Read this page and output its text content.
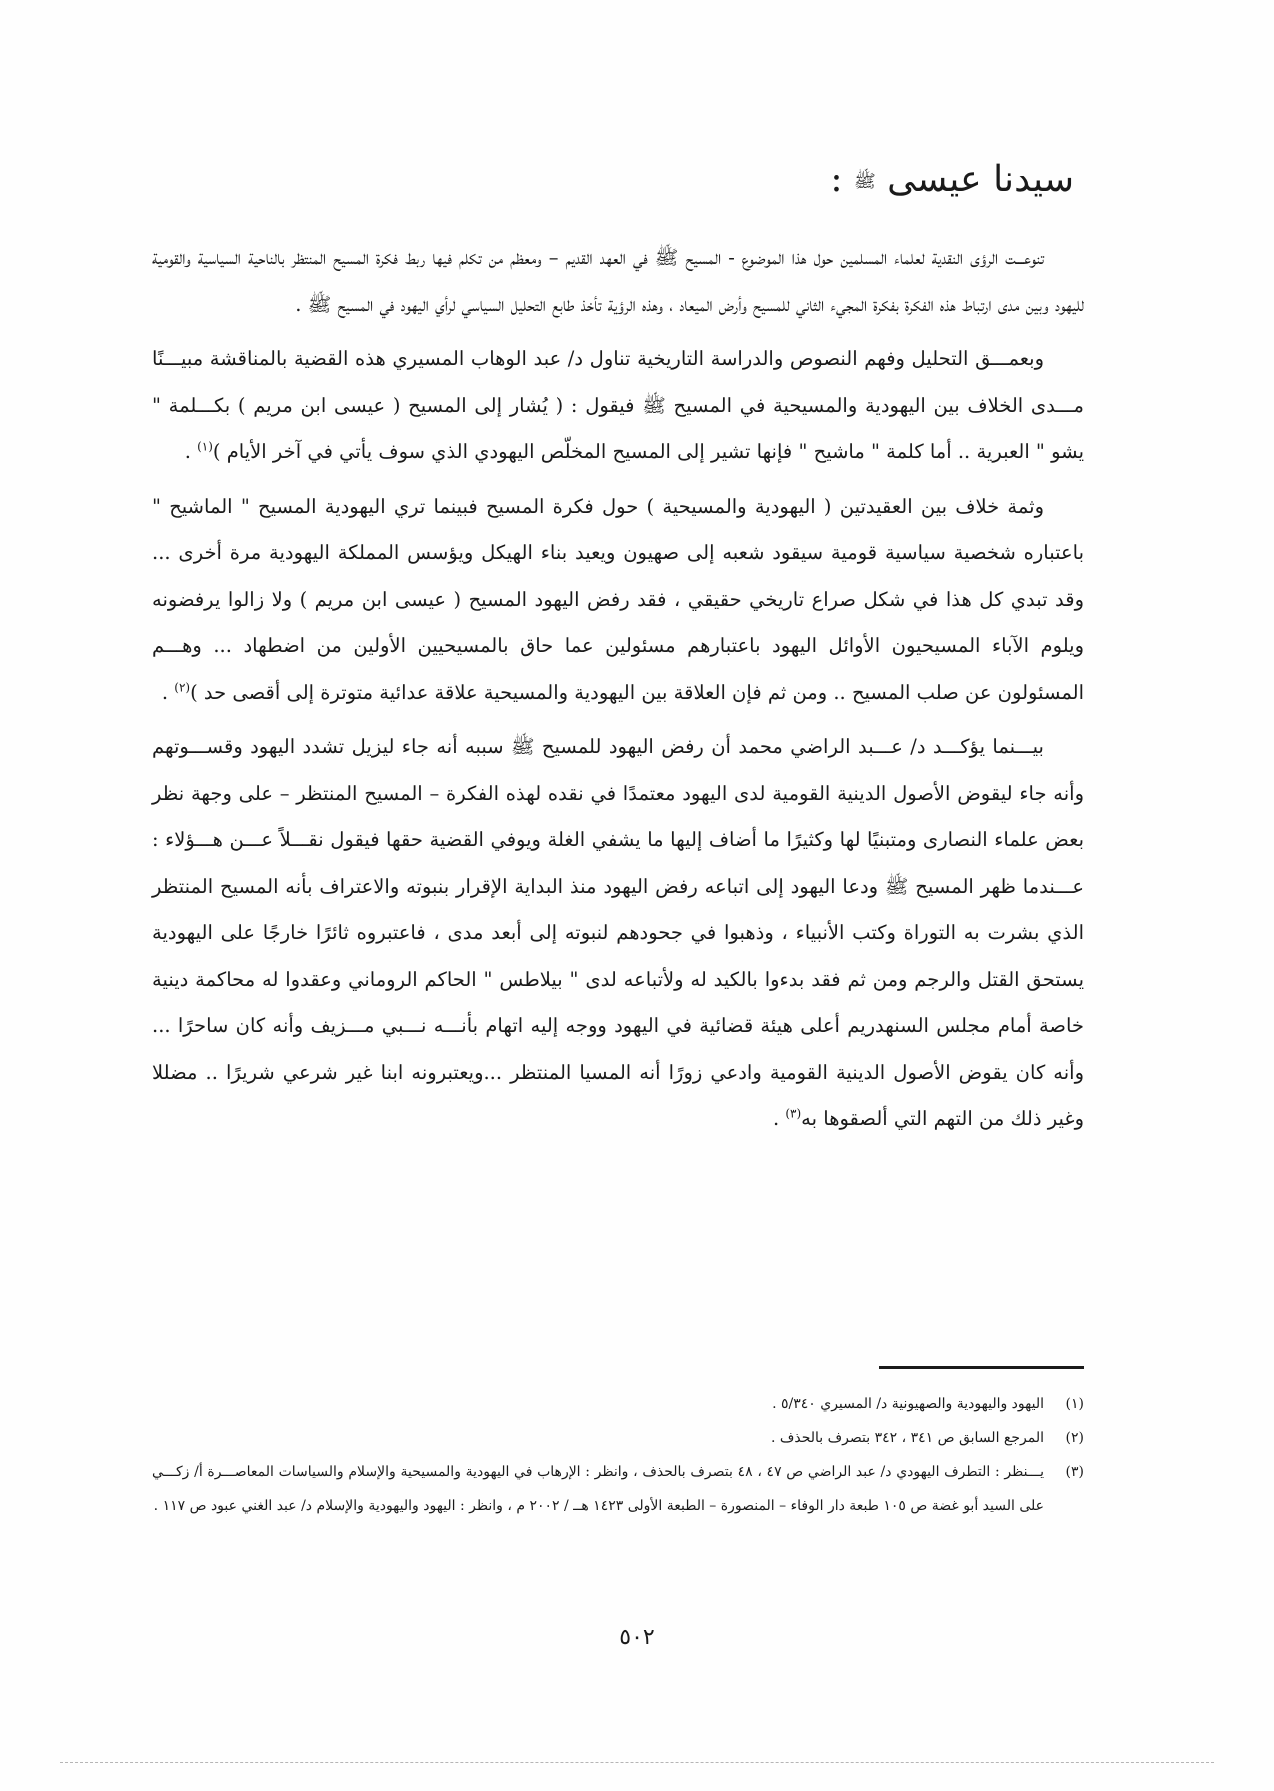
سيدنا عيسى ﷺ :

تنوعـــت الرؤى النقدية لعلماء المسلمين حول هذا الموضوع - المسيح ﷺ في العهد القديم – ومعظم من تكلم فيها ربط فكرة المسيح المنتظر بالناحية السياسية والقومية لليهود وبين مدى ارتباط هذه الفكرة بفكرة المجيء الثاني للمسيح وأرض الميعاد ، وهذه الرؤية تأخذ طابع التحليل السياسي لرأي اليهود في المسيح ﷺ .

وبعمـــق التحليل وفهم النصوص والدراسة التاريخية تناول د/ عبد الوهاب المسيري هذه القضية بالمناقشة مبيـــنًا مـــدى الخلاف بين اليهودية والمسيحية في المسيح ﷺ فيقول : ( يُشار إلى المسيح ( عيسى ابن مريم ) بكـــلمة " يشو " العبرية .. أما كلمة " ماشيح " فإنها تشير إلى المسيح المخلّص اليهودي الذي سوف يأتي في آخر الأيام )$^{(١)}$ .

وثمة خلاف بين العقيدتين ( اليهودية والمسيحية ) حول فكرة المسيح فبينما تري اليهودية المسيح " الماشيح " باعتباره شخصية سياسية قومية سيقود شعبه إلى صهيون ويعيد بناء الهيكل ويؤسس المملكة اليهودية مرة أخرى ... وقد تبدي كل هذا في شكل صراع تاريخي حقيقي ، فقد رفض اليهود المسيح ( عيسى ابن مريم ) ولا زالوا يرفضونه ويلوم الآباء المسيحيون الأوائل اليهود باعتبارهم مسئولين عما حاق بالمسيحيين الأولين من اضطهاد ... وهـــم المسئولون عن صلب المسيح .. ومن ثم فإن العلاقة بين اليهودية والمسيحية علاقة عدائية متوترة إلى أقصى حد )$^{(٢)}$ .

بيـــنما يؤكـــد د/ عـــبد الراضي محمد أن رفض اليهود للمسيح ﷺ سببه أنه جاء ليزيل تشدد اليهود وقســـوتهم وأنه جاء ليقوض الأصول الدينية القومية لدى اليهود معتمدًا في نقده لهذه الفكرة – المسيح المنتظر – على وجهة نظر بعض علماء النصارى ومتبنيًا لها وكثيرًا ما أضاف إليها ما يشفي الغلة ويوفي القضية حقها فيقول نقـــلاً عـــن هـــؤلاء : عـــندما ظهر المسيح ﷺ ودعا اليهود إلى اتباعه رفض اليهود منذ البداية الإقرار بنبوته والاعتراف بأنه المسيح المنتظر الذي بشرت به التوراة وكتب الأنبياء ، وذهبوا في جحودهم لنبوته إلى أبعد مدى ، فاعتبروه ثائرًا خارجًا على اليهودية يستحق القتل والرجم ومن ثم فقد بدءوا بالكيد له ولأتباعه لدى " بيلاطس " الحاكم الروماني وعقدوا له محاكمة دينية خاصة أمام مجلس السنهدريم أعلى هيئة قضائية في اليهود ووجه إليه اتهام بأنـــه نـــبي مـــزيف وأنه كان ساحرًا ... وأنه كان يقوض الأصول الدينية القومية وادعي زورًا أنه المسيا المنتظر ...ويعتبرونه ابنا غير شرعي شريرًا .. مضللا وغير ذلك من التهم التي ألصقوها به$^{(٣)}$ .

(١)
اليهود واليهودية والصهيونية د/ المسيري ٥/٣٤٠ .
(٢)
المرجع السابق ص ٣٤١ ، ٣٤٢ بتصرف بالحذف .
(٣)
يـــنظر : التطرف اليهودي د/ عبد الراضي ص ٤٧ ، ٤٨ بتصرف بالحذف ، وانظر : الإرهاب في اليهودية والمسيحية والإسلام والسياسات المعاصـــرة أ/ زكـــي على السيد أبو غضة ص ١٠٥ طبعة دار الوفاء – المنصورة – الطبعة الأولى ١٤٢٣ هــ / ٢٠٠٢ م ، وانظر : اليهود واليهودية والإسلام د/ عبد الغني عبود ص ١١٧ .
٥٠٢
